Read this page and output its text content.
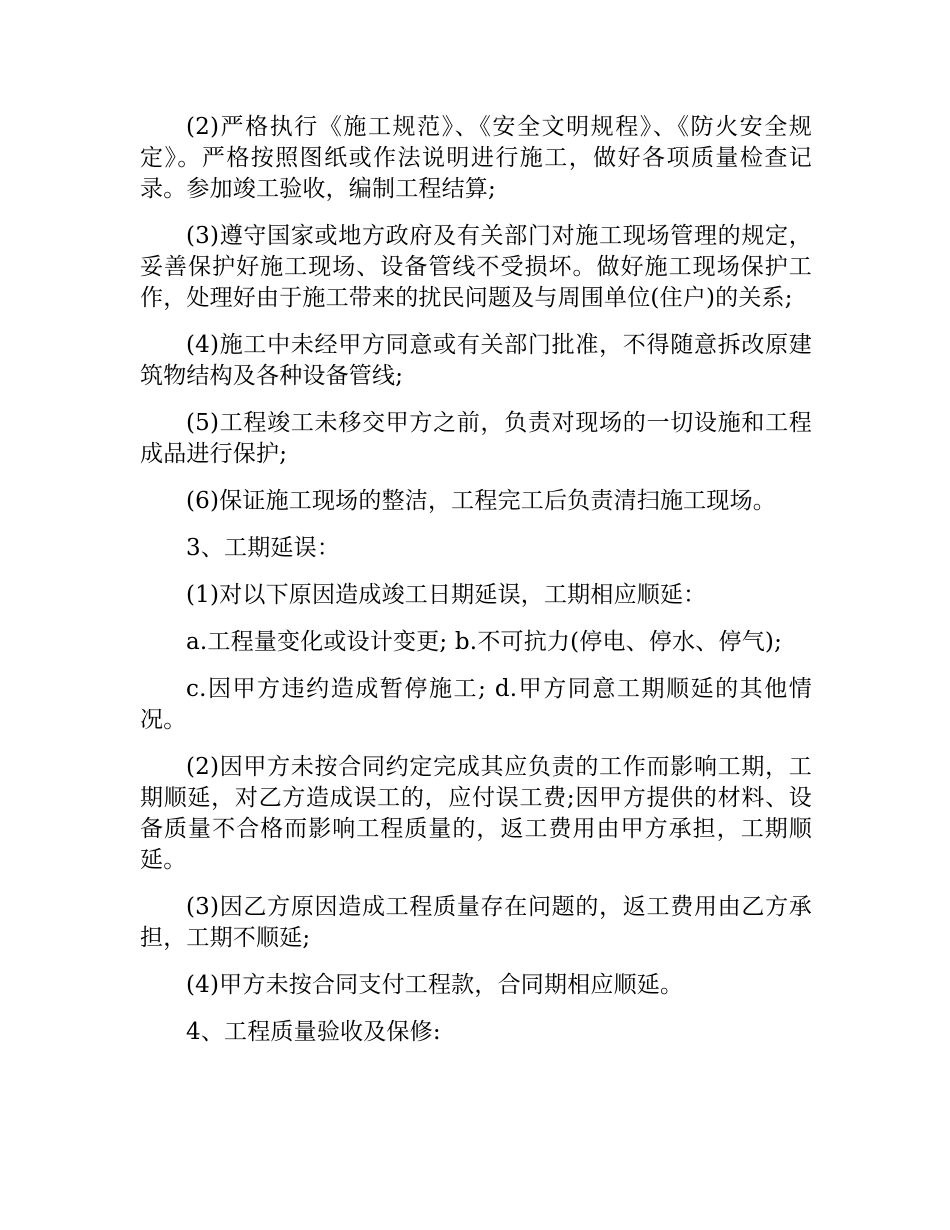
(2)严格执行《施工规范》、《安全文明规程》、《防火安全规定》。严格按照图纸或作法说明进行施工，做好各项质量检查记录。参加竣工验收，编制工程结算;

(3)遵守国家或地方政府及有关部门对施工现场管理的规定，妥善保护好施工现场、设备管线不受损坏。做好施工现场保护工作，处理好由于施工带来的扰民问题及与周围单位(住户)的关系;

(4)施工中未经甲方同意或有关部门批准，不得随意拆改原建筑物结构及各种设备管线;

(5)工程竣工未移交甲方之前，负责对现场的一切设施和工程成品进行保护;

(6)保证施工现场的整洁，工程完工后负责清扫施工现场。

3、工期延误：

(1)对以下原因造成竣工日期延误，工期相应顺延：

a.工程量变化或设计变更; b.不可抗力(停电、停水、停气);

c.因甲方违约造成暂停施工; d.甲方同意工期顺延的其他情况。

(2)因甲方未按合同约定完成其应负责的工作而影响工期，工期顺延，对乙方造成误工的，应付误工费;因甲方提供的材料、设备质量不合格而影响工程质量的，返工费用由甲方承担，工期顺延。

(3)因乙方原因造成工程质量存在问题的，返工费用由乙方承担，工期不顺延;

(4)甲方未按合同支付工程款，合同期相应顺延。

4、工程质量验收及保修:
